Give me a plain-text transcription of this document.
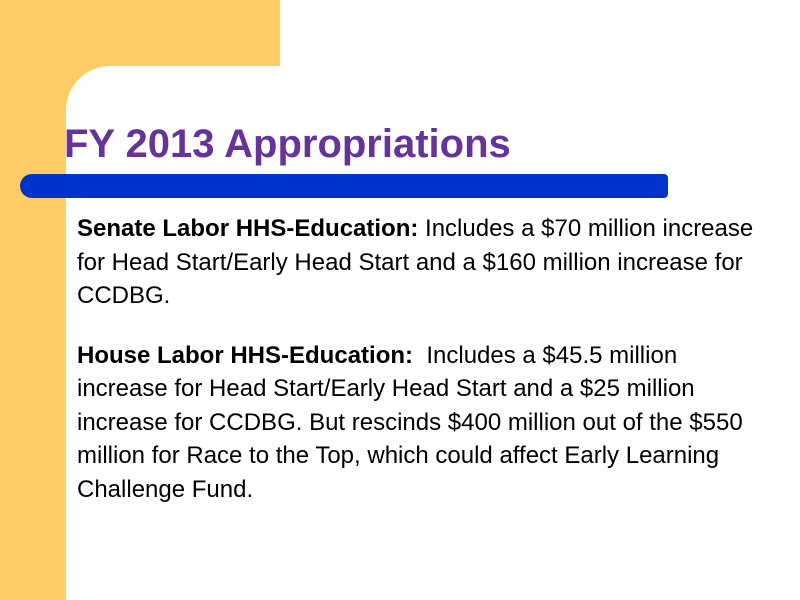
FY 2013 Appropriations

Senate Labor HHS-Education: Includes a $70 million increase for Head Start/Early Head Start and a $160 million increase for CCDBG.

House Labor HHS-Education:  Includes a $45.5 million increase for Head Start/Early Head Start and a $25 million increase for CCDBG. But rescinds $400 million out of the $550 million for Race to the Top, which could affect Early Learning Challenge Fund.
